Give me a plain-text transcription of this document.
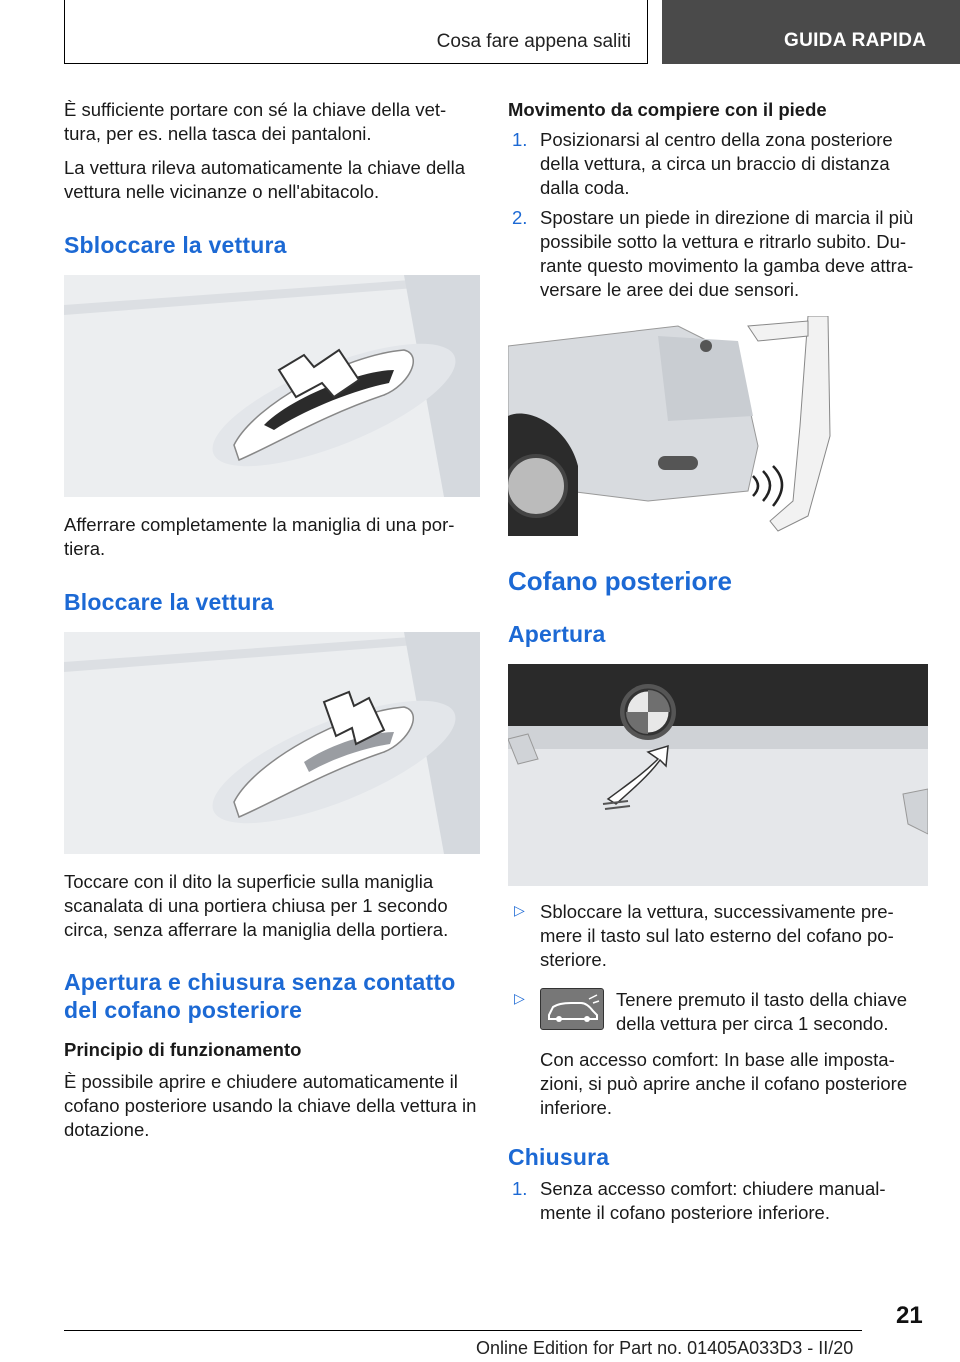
Cosa fare appena saliti	GUIDA RAPIDA

È sufficiente portare con sé la chiave della vet-tura, per es. nella tasca dei pantaloni.

La vettura rileva automaticamente la chiave della vettura nelle vicinanze o nell'abitacolo.

Sbloccare la vettura

Afferrare completamente la maniglia di una por-tiera.

Bloccare la vettura

Toccare con il dito la superficie sulla maniglia scanalata di una portiera chiusa per 1 secondo circa, senza afferrare la maniglia della portiera.

Apertura e chiusura senza contatto del cofano posteriore
Principio di funzionamento

È possibile aprire e chiudere automaticamente il cofano posteriore usando la chiave della vettura in dotazione.

Movimento da compiere con il piede
1. Posizionarsi al centro della zona posteriore della vettura, a circa un braccio di distanza dalla coda.

2. Spostare un piede in direzione di marcia il più possibile sotto la vettura e ritrarlo subito. Du-rante questo movimento la gamba deve attra-versare le aree dei due sensori.

Cofano posteriore
Apertura
▷ Sbloccare la vettura, successivamente pre-mere il tasto sul lato esterno del cofano po-steriore.

▷	Tenere premuto il tasto della chiave della vettura per circa 1 secondo.

Con accesso comfort: In base alle imposta-zioni, si può aprire anche il cofano posteriore inferiore.

Chiusura
1. Senza accesso comfort: chiudere manual-mente il cofano posteriore inferiore.

21
Online Edition for Part no. 01405A033D3 - II/20
